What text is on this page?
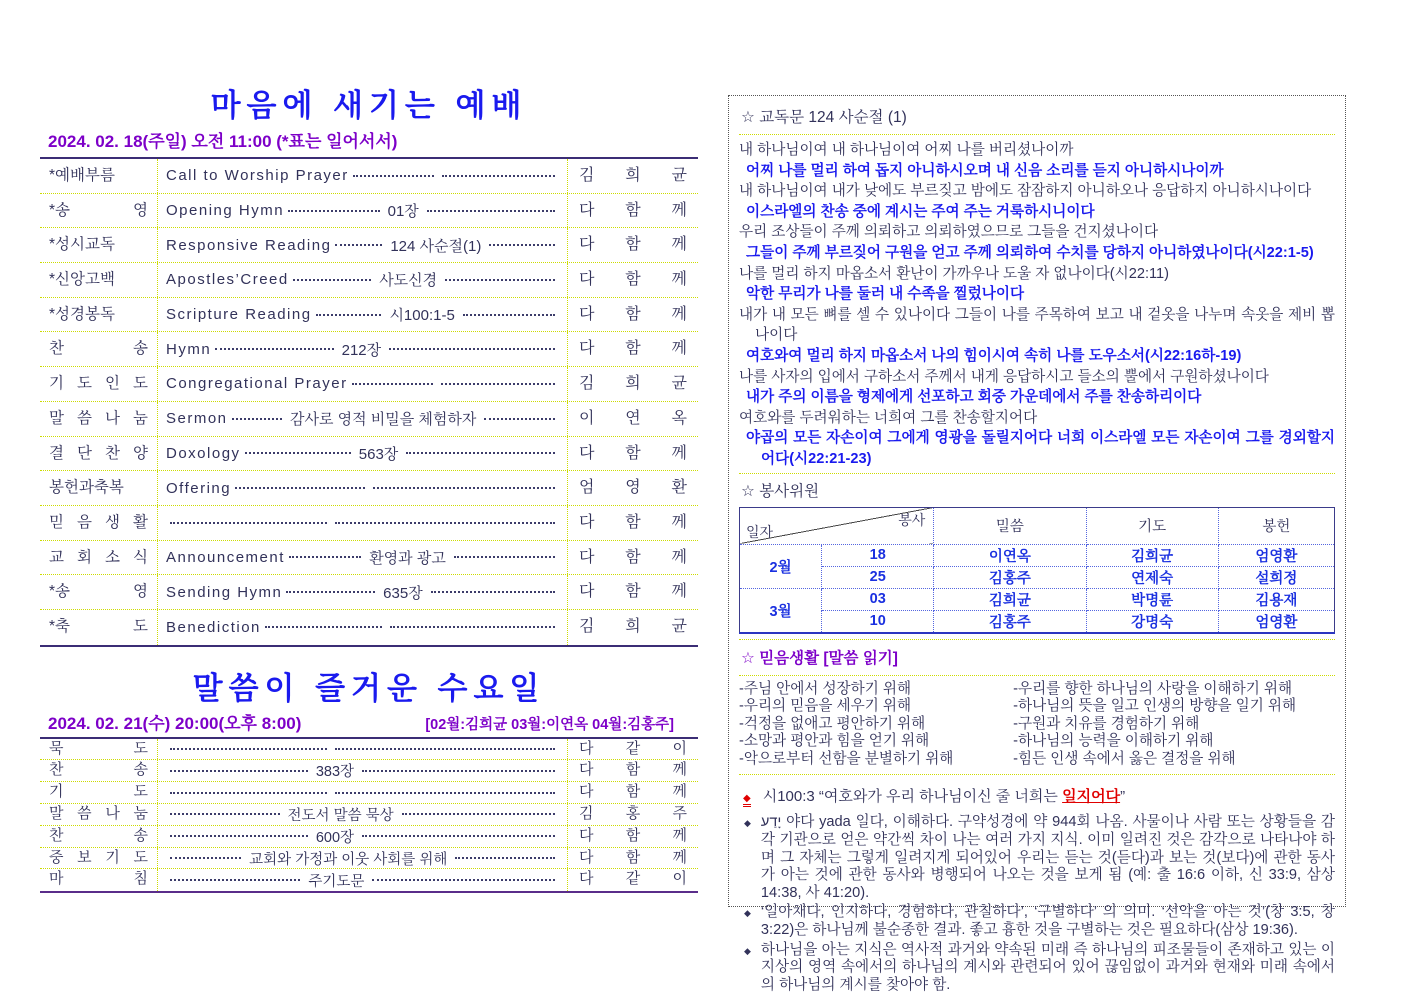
마음에 새기는 예배
2024. 02. 18(주일) 오전 11:00 (*표는 일어서서)
*예배부름	Call to Worship Prayer	김 희 균
*송 영	Opening Hymn	01장	다 함 께
*성시교독	Responsive Reading	124 사순절(1)	다 함 께
*신앙고백	Apostles’Creed	사도신경	다 함 께
*성경봉독	Scripture Reading	시100:1-5	다 함 께
찬 송	Hymn	212장	다 함 께
기 도 인 도	Congregational Prayer	김 희 균
말 씀 나 눔	Sermon	감사로 영적 비밀을 체험하자	이 연 옥
결 단 찬 양	Doxology	563장	다 함 께
봉헌과축복	Offering	엄 영 환
믿 음 생 활	다 함 께
교 회 소 식	Announcement	환영과 광고	다 함 께
*송 영	Sending Hymn	635장	다 함 께
*축 도	Benediction	김 희 균
말씀이 즐거운 수요일
2024. 02. 21(수) 20:00(오후 8:00)	[02월:김희균 03월:이연옥 04월:김홍주]
묵 도	다 같 이
찬 송	383장	다 함 께
기 도	다 함 께
말 씀 나 눔	전도서 말씀 묵상	김 홍 주
찬 송	600장	다 함 께
중 보 기 도	교회와 가정과 이웃 사회를 위해	다 함 께
마 침	주기도문	다 같 이
☆ 교독문 124 사순절 (1)
내 하나님이여 내 하나님이여 어찌 나를 버리셨나이까
어찌 나를 멀리 하여 돕지 아니하시오며 내 신음 소리를 듣지 아니하시나이까
내 하나님이여 내가 낮에도 부르짖고 밤에도 잠잠하지 아니하오나 응답하지 아니하시나이다
이스라엘의 찬송 중에 계시는 주여 주는 거룩하시니이다
우리 조상들이 주께 의뢰하고 의뢰하였으므로 그들을 건지셨나이다
그들이 주께 부르짖어 구원을 얻고 주께 의뢰하여 수치를 당하지 아니하였나이다(시22:1-5)
나를 멀리 하지 마옵소서 환난이 가까우나 도울 자 없나이다(시22:11)
악한 무리가 나를 둘러 내 수족을 찔렀나이다
내가 내 모든 뼈를 셀 수 있나이다 그들이 나를 주목하여 보고 내 겉옷을 나누며 속옷을 제비 뽑나이다
여호와여 멀리 하지 마옵소서 나의 힘이시여 속히 나를 도우소서(시22:16하-19)
나를 사자의 입에서 구하소서 주께서 내게 응답하시고 들소의 뿔에서 구원하셨나이다
내가 주의 이름을 형제에게 선포하고 회중 가운데에서 주를 찬송하리이다
여호와를 두려워하는 너희여 그를 찬송할지어다
야곱의 모든 자손이여 그에게 영광을 돌릴지어다 너희 이스라엘 모든 자손이여 그를 경외할지어다(시22:21-23)
☆ 봉사위원
봉사
일자		밀씀	기도	봉헌
2월	18	이연옥	김희균	엄영환
	25	김홍주	연제숙	설희정
3월	03	김희균	박명륜	김용재
	10	김홍주	강명숙	엄영환
☆ 믿음생활 [말씀 읽기]
-주님 안에서 성장하기 위해
-우리의 믿음을 세우기 위해
-걱정을 없애고 평안하기 위해
-소망과 평안과 힘을 얻기 위해
-악으로부터 선함을 분별하기 위해
-우리를 향한 하나님의 사랑을 이해하기 위해
-하나님의 뜻을 일고 인생의 방향을 일기 위해
-구원과 치유를 경험하기 위해
-하나님의 능력을 이해하기 위해
-힘든 인생 속에서 옳은 결정을 위해
◆ 시100:3 “여호와가 우리 하나님이신 줄 너희는 일지어다”
◆ יָדַע 야다 yada 일다, 이해하다. 구약성경에 약 944회 나옴. 사물이나 사람 또는 상황들을 감각 기관으로 얻은 약간씩 차이 나는 여러 가지 지식. 이미 일려진 것은 감각으로 나타나야 하며 그 자체는 그렇게 일려지게 되어있어 우리는 듣는 것(듣다)과 보는 것(보다)에 관한 동사가 아는 것에 관한 동사와 병행되어 나오는 것을 보게 됨 (예: 출 16:6 이하, 신 33:9, 삼상 14:38, 사 41:20).
◆ ‘일아채다, 인지하다, 경험하다, 관칠하다’, ‘구별하다’ 의 의미. ‘선악을 아는 것’(창 3:5, 창 3:22)은 하나님께 불순종한 결과. 좋고 흉한 것을 구별하는 것은 필요하다(삼상 19:36).
◆ 하나님을 아는 지식은 역사적 과거와 약속된 미래 즉 하나님의 피조물들이 존재하고 있는 이 지상의 영역 속에서의 하나님의 계시와 관련되어 있어 끊임없이 과거와 현재와 미래 속에서의 하나님의 계시를 찾아야 함.
